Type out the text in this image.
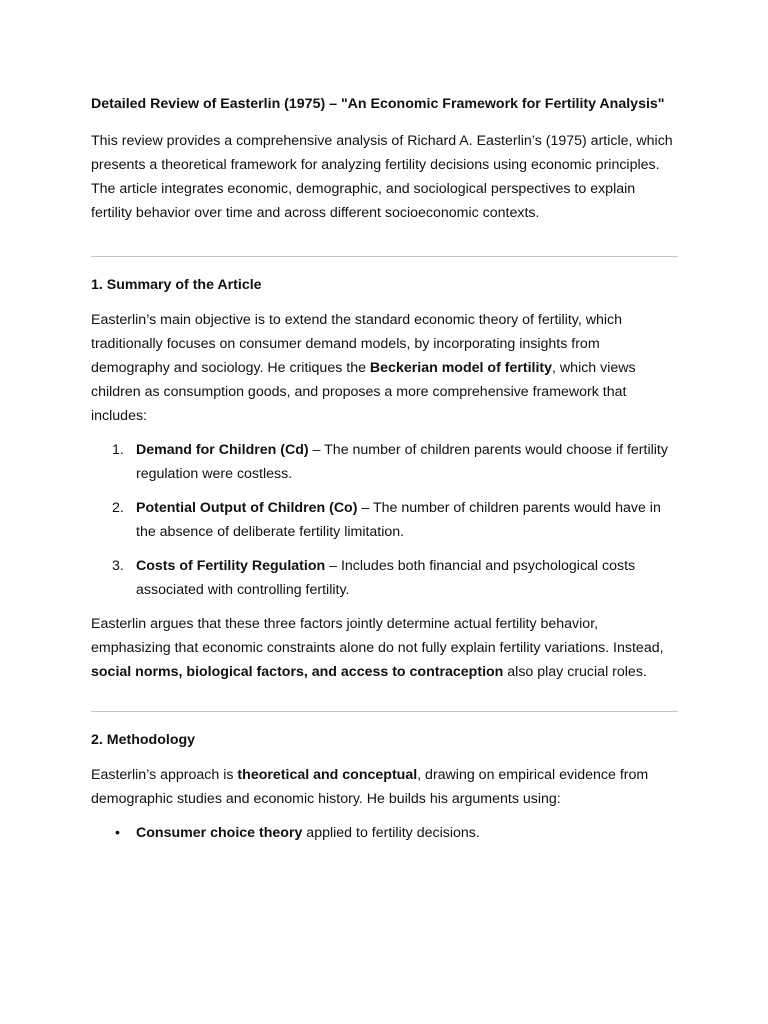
Detailed Review of Easterlin (1975) – "An Economic Framework for Fertility Analysis"

This review provides a comprehensive analysis of Richard A. Easterlin’s (1975) article, which presents a theoretical framework for analyzing fertility decisions using economic principles. The article integrates economic, demographic, and sociological perspectives to explain fertility behavior over time and across different socioeconomic contexts.

1. Summary of the Article

Easterlin’s main objective is to extend the standard economic theory of fertility, which traditionally focuses on consumer demand models, by incorporating insights from demography and sociology. He critiques the Beckerian model of fertility, which views children as consumption goods, and proposes a more comprehensive framework that includes:

1. Demand for Children (Cd) – The number of children parents would choose if fertility regulation were costless.
2. Potential Output of Children (Co) – The number of children parents would have in the absence of deliberate fertility limitation.
3. Costs of Fertility Regulation – Includes both financial and psychological costs associated with controlling fertility.

Easterlin argues that these three factors jointly determine actual fertility behavior, emphasizing that economic constraints alone do not fully explain fertility variations. Instead, social norms, biological factors, and access to contraception also play crucial roles.

2. Methodology

Easterlin’s approach is theoretical and conceptual, drawing on empirical evidence from demographic studies and economic history. He builds his arguments using:

• Consumer choice theory applied to fertility decisions.
